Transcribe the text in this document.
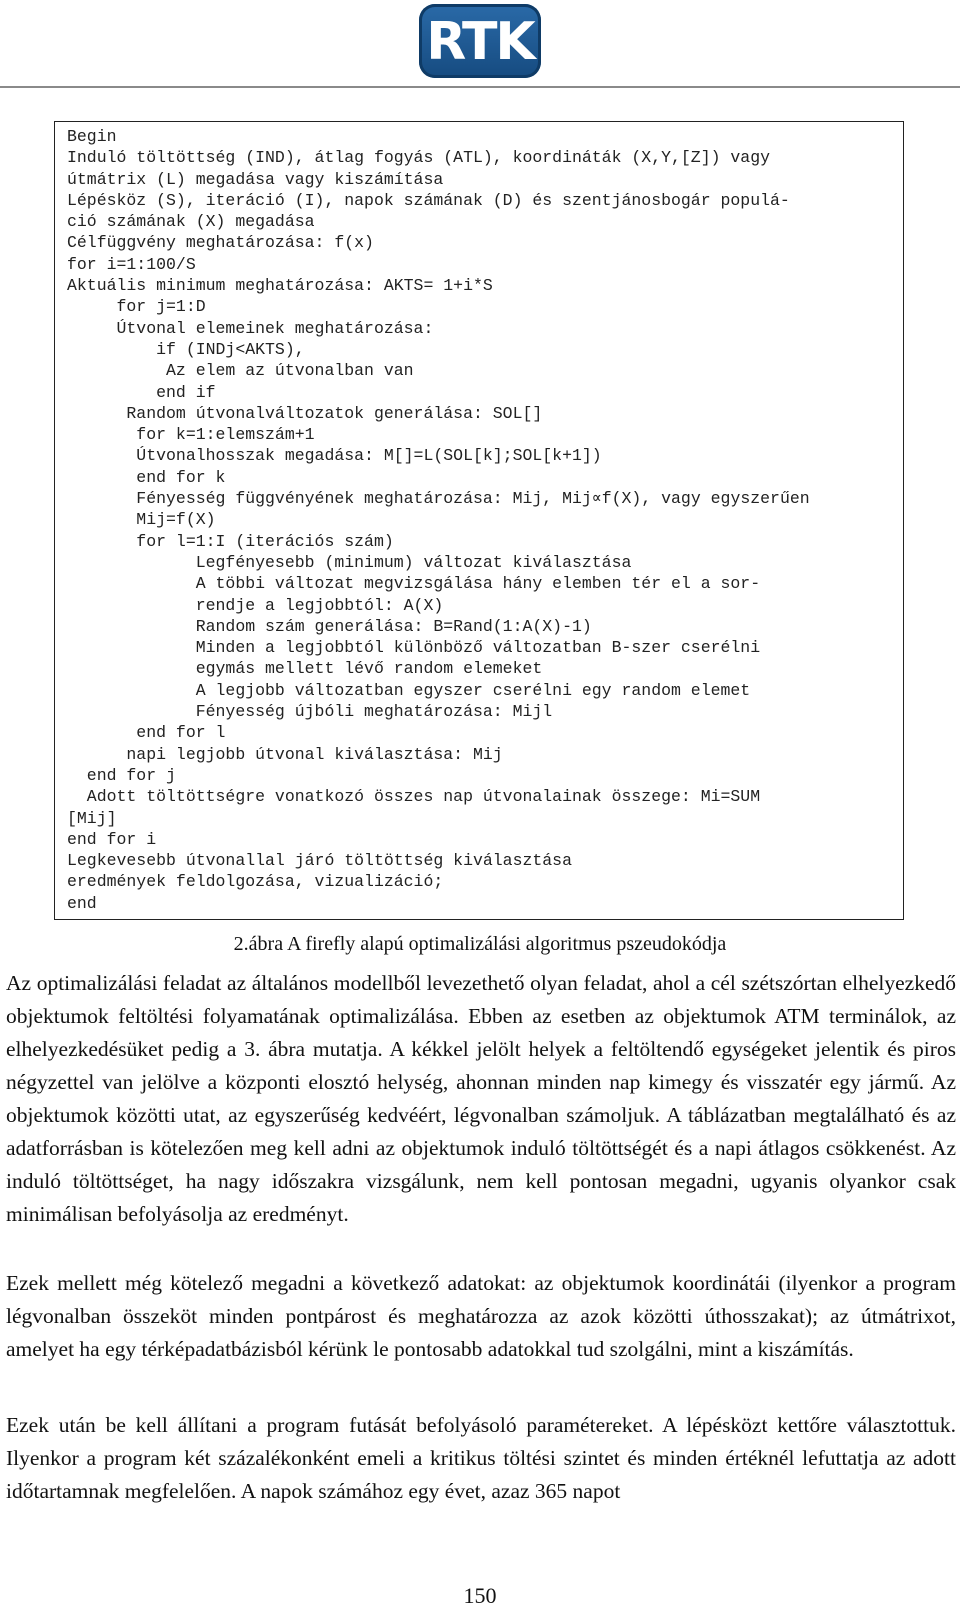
RTK
Begin
Induló töltöttség (IND), átlag fogyás (ATL), koordináták (X,Y,[Z]) vagy
útmátrix (L) megadása vagy kiszámítása
Lépésköz (S), iteráció (I), napok számának (D) és szentjánosbogár populá-
ció számának (X) megadása
Célfüggvény meghatározása: f(x)
for i=1:100/S
Aktuális minimum meghatározása: AKTS= 1+i*S
for j=1:D
Útvonal elemeinek meghatározása:
if (INDj<AKTS),
Az elem az útvonalban van
end if
Random útvonalváltozatok generálása: SOL[]
for k=1:elemszám+1
Útvonalhosszak megadása: M[]=L(SOL[k];SOL[k+1])
end for k
Fényesség függvényének meghatározása: Mij, Mij∝f(X), vagy egyszerűen
Mij=f(X)
for l=1:I (iterációs szám)
Legfényesebb (minimum) változat kiválasztása
A többi változat megvizsgálása hány elemben tér el a sor-
rendje a legjobbtól: A(X)
Random szám generálása: B=Rand(1:A(X)-1)
Minden a legjobbtól különböző változatban B-szer cserélni
egymás mellett lévő random elemeket
A legjobb változatban egyszer cserélni egy random elemet
Fényesség újbóli meghatározása: Mijl
end for l
napi legjobb útvonal kiválasztása: Mij
end for j
Adott töltöttségre vonatkozó összes nap útvonalainak összege: Mi=SUM
[Mij]
end for i
Legkevesebb útvonallal járó töltöttség kiválasztása
eredmények feldolgozása, vizualizáció;
end
2.ábra A firefly alapú optimalizálási algoritmus pszeudokódja

Az optimalizálási feladat az általános modellből levezethető olyan feladat, ahol a cél szétszórtan elhelyezkedő objektumok feltöltési folyamatának optimalizálása. Ebben az esetben az objektumok ATM terminálok, az elhelyezkedésüket pedig a 3. ábra mutatja. A kékkel jelölt helyek a feltöltendő egységeket jelentik és piros négyzettel van jelölve a központi elosztó helység, ahonnan minden nap kimegy és visszatér egy jármű. Az objektumok közötti utat, az egyszerűség kedvéért, légvonalban számoljuk. A táblázatban megtalálható és az adatforrásban is kötelezően meg kell adni az objektumok induló töltöttségét és a napi átlagos csökkenést. Az induló töltöttséget, ha nagy időszakra vizsgálunk, nem kell pontosan megadni, ugyanis olyankor csak minimálisan befolyásolja az eredményt.

Ezek mellett még kötelező megadni a következő adatokat: az objektumok koordinátái (ilyenkor a program légvonalban összeköt minden pontpárost és meghatározza az azok közötti úthosszakat); az útmátrixot, amelyet ha egy térképadatbázisból kérünk le pontosabb adatokkal tud szolgálni, mint a kiszámítás.

Ezek után be kell állítani a program futását befolyásoló paramétereket. A lépésközt kettőre választottuk. Ilyenkor a program két százalékonként emeli a kritikus töltési szintet és minden értéknél lefuttatja az adott időtartamnak megfelelően. A napok számához egy évet, azaz 365 napot

150
